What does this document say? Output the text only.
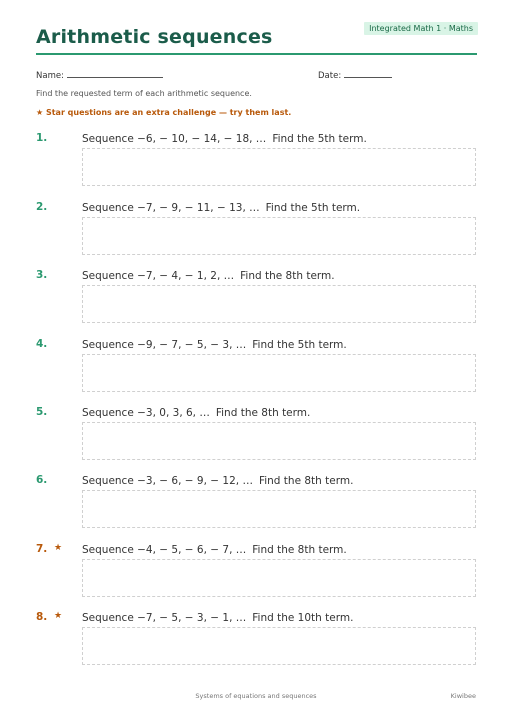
Integrated Math 1 · Maths
Arithmetic sequences
Name:	Date:
Find the requested term of each arithmetic sequence.
★ Star questions are an extra challenge — try them last.
1.	Sequence −6, − 10, − 14, − 18, … Find the 5th term.
2.	Sequence −7, − 9, − 11, − 13, … Find the 5th term.
3.	Sequence −7, − 4, − 1, 2, … Find the 8th term.
4.	Sequence −9, − 7, − 5, − 3, … Find the 5th term.
5.	Sequence −3, 0, 3, 6, … Find the 8th term.
6.	Sequence −3, − 6, − 9, − 12, … Find the 8th term.
7. ★ Sequence −4, − 5, − 6, − 7, … Find the 8th term.
8. ★ Sequence −7, − 5, − 3, − 1, … Find the 10th term.
Systems of equations and sequences	Kiwibee
